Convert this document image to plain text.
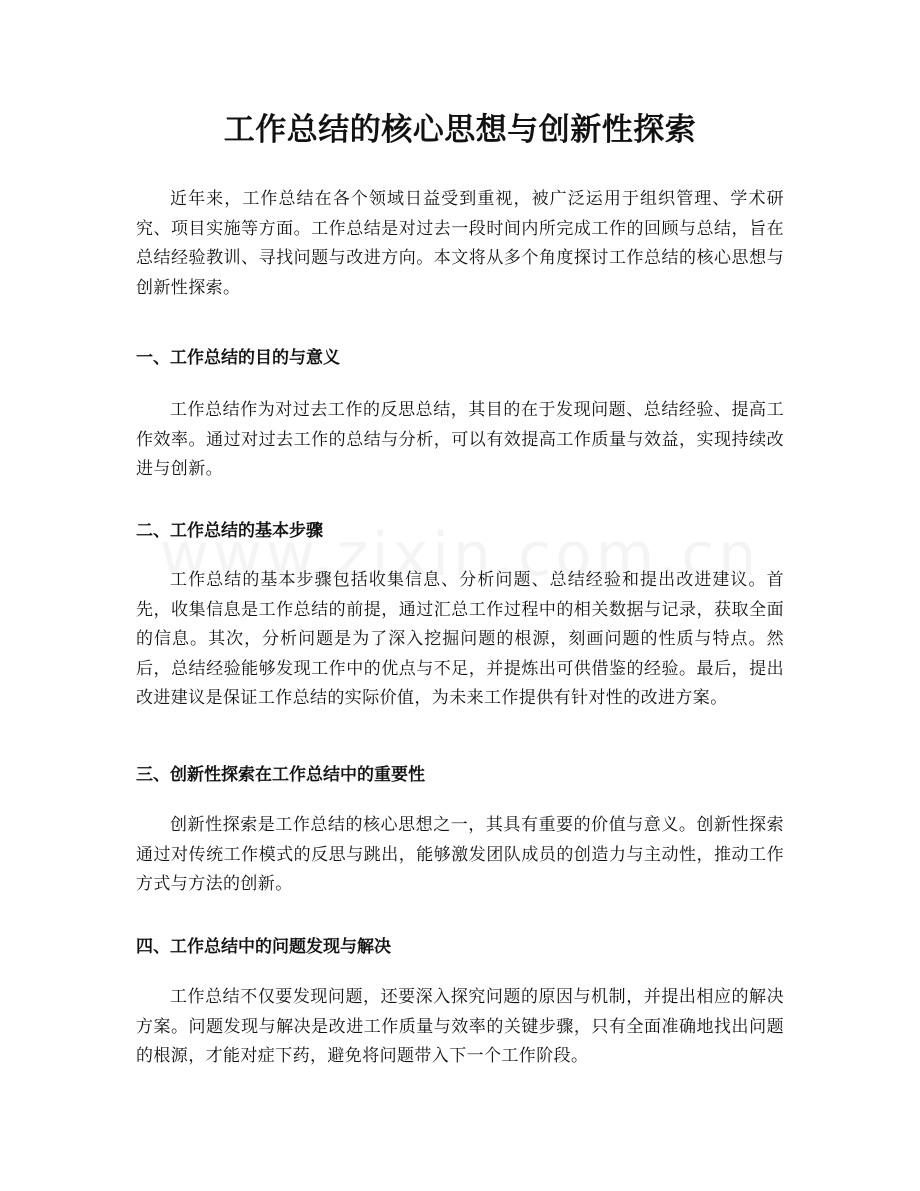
工作总结的核心思想与创新性探索

近年来，工作总结在各个领域日益受到重视，被广泛运用于组织管理、学术研究、项目实施等方面。工作总结是对过去一段时间内所完成工作的回顾与总结，旨在总结经验教训、寻找问题与改进方向。本文将从多个角度探讨工作总结的核心思想与创新性探索。

一、工作总结的目的与意义

工作总结作为对过去工作的反思总结，其目的在于发现问题、总结经验、提高工作效率。通过对过去工作的总结与分析，可以有效提高工作质量与效益，实现持续改进与创新。

二、工作总结的基本步骤

工作总结的基本步骤包括收集信息、分析问题、总结经验和提出改进建议。首先，收集信息是工作总结的前提，通过汇总工作过程中的相关数据与记录，获取全面的信息。其次，分析问题是为了深入挖掘问题的根源，刻画问题的性质与特点。然后，总结经验能够发现工作中的优点与不足，并提炼出可供借鉴的经验。最后，提出改进建议是保证工作总结的实际价值，为未来工作提供有针对性的改进方案。

三、创新性探索在工作总结中的重要性

创新性探索是工作总结的核心思想之一，其具有重要的价值与意义。创新性探索通过对传统工作模式的反思与跳出，能够激发团队成员的创造力与主动性，推动工作方式与方法的创新。

四、工作总结中的问题发现与解决

工作总结不仅要发现问题，还要深入探究问题的原因与机制，并提出相应的解决方案。问题发现与解决是改进工作质量与效率的关键步骤，只有全面准确地找出问题的根源，才能对症下药，避免将问题带入下一个工作阶段。
